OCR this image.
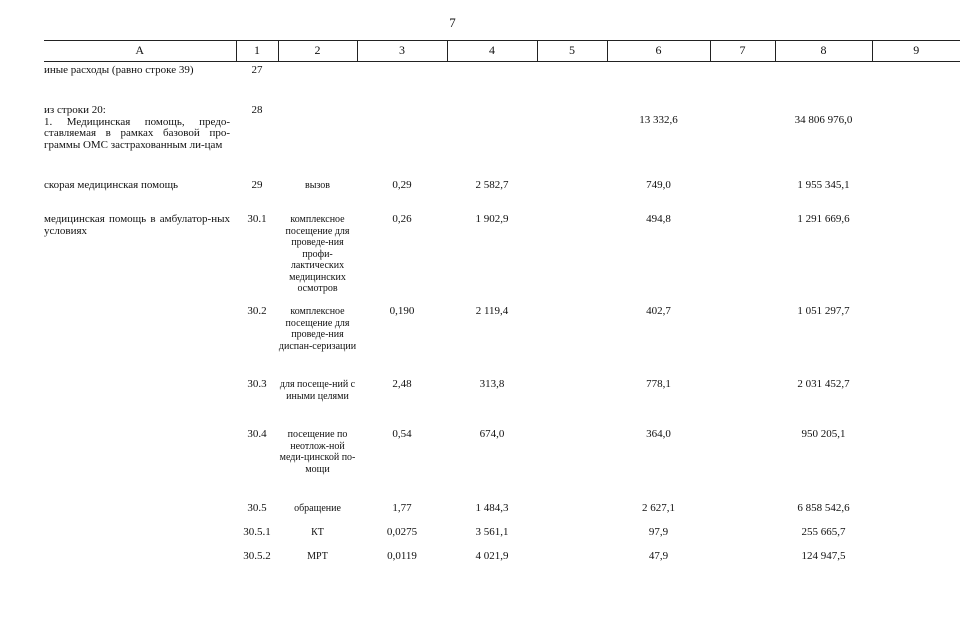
7
А	1	2	3	4	5	6	7	8	9
иные расходы (равно строке 39)	27								

из строки 20:
1. Медицинская помощь, предо-ставляемая в рамках базовой про-граммы ОМС застрахованным ли-цам	28					13 332,6		34 806 976,0	

скорая медицинская помощь	29	вызов	0,29	2 582,7		749,0		1 955 345,1	
медицинская помощь в амбулатор-ных условиях	30.1	комплексное посещение для проведе-ния профи-лактических медицинских осмотров	0,26	1 902,9		494,8		1 291 669,6	
	30.2	комплексное посещение для проведе-ния диспан-серизации	0,190	2 119,4		402,7		1 051 297,7	
	30.3	для посеще-ний с иными целями	2,48	313,8		778,1		2 031 452,7	
	30.4	посещение по неотлож-ной меди-цинской по-мощи	0,54	674,0		364,0		950 205,1	
	30.5	обращение	1,77	1 484,3		2 627,1		6 858 542,6	
	30.5.1	КТ	0,0275	3 561,1		97,9		255 665,7	
	30.5.2	МРТ	0,0119	4 021,9		47,9		124 947,5	
